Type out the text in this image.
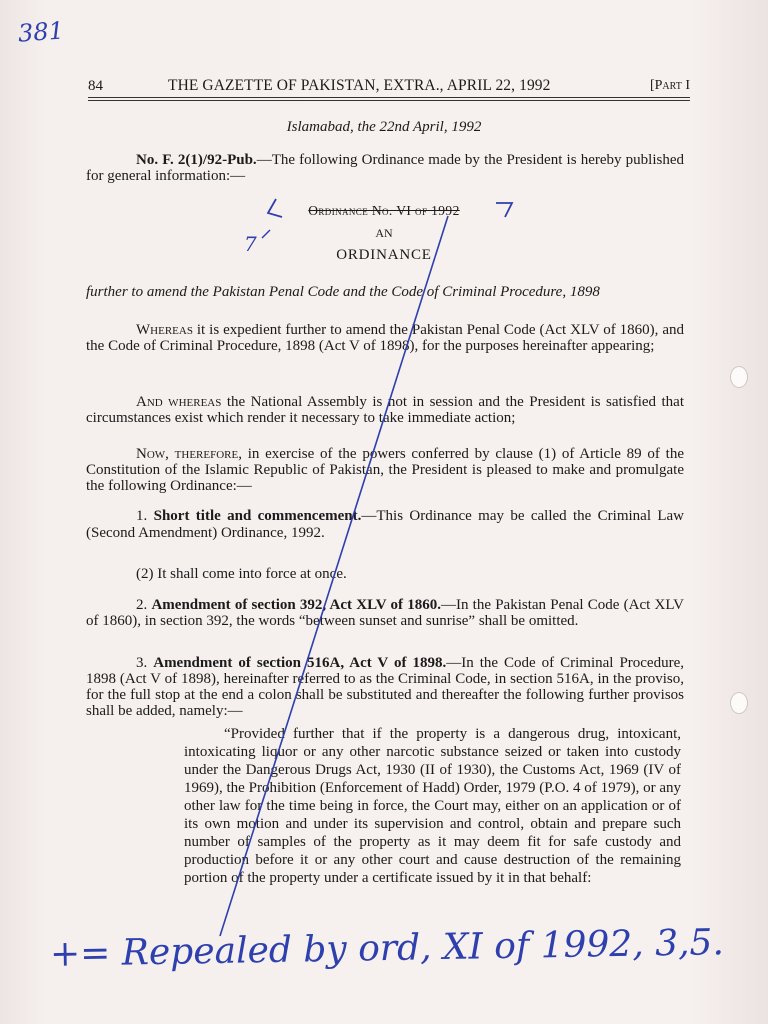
381
84	THE GAZETTE OF PAKISTAN, EXTRA., APRIL 22, 1992	[Part I
Islamabad, the 22nd April, 1992
No. F. 2(1)/92-Pub.—The following Ordinance made by the President is hereby published for general information:—
Ordinance No. VI of 1992
AN
ORDINANCE
7
further to amend the Pakistan Penal Code and the Code of Criminal Procedure, 1898
Whereas it is expedient further to amend the Pakistan Penal Code (Act XLV of 1860), and the Code of Criminal Procedure, 1898 (Act V of 1898), for the purposes hereinafter appearing;
And whereas the National Assembly is not in session and the President is satisfied that circumstances exist which render it necessary to take immediate action;
Now, therefore, in exercise of the powers conferred by clause (1) of Article 89 of the Constitution of the Islamic Republic of Pakistan, the President is pleased to make and promulgate the following Ordinance:—
1. Short title and commencement.—This Ordinance may be called the Criminal Law (Second Amendment) Ordinance, 1992.
(2) It shall come into force at once.
2. Amendment of section 392, Act XLV of 1860.—In the Pakistan Penal Code (Act XLV of 1860), in section 392, the words “between sunset and sunrise” shall be omitted.
3. Amendment of section 516A, Act V of 1898.—In the Code of Criminal Procedure, 1898 (Act V of 1898), hereinafter referred to as the Criminal Code, in section 516A, in the proviso, for the full stop at the end a colon shall be substituted and thereafter the following further provisos shall be added, namely:—
“Provided further that if the property is a dangerous drug, intoxicant, intoxicating liquor or any other narcotic substance seized or taken into custody under the Dangerous Drugs Act, 1930 (II of 1930), the Customs Act, 1969 (IV of 1969), the Prohibition (Enforcement of Hadd) Order, 1979 (P.O. 4 of 1979), or any other law for the time being in force, the Court may, either on an application or of its own motion and under its supervision and control, obtain and prepare such number of samples of the property as it may deem fit for safe custody and production before it or any other court and cause destruction of the remaining portion of the property under a certificate issued by it in that behalf:
+= Repealed by ord, XI of 1992, 3,5.
